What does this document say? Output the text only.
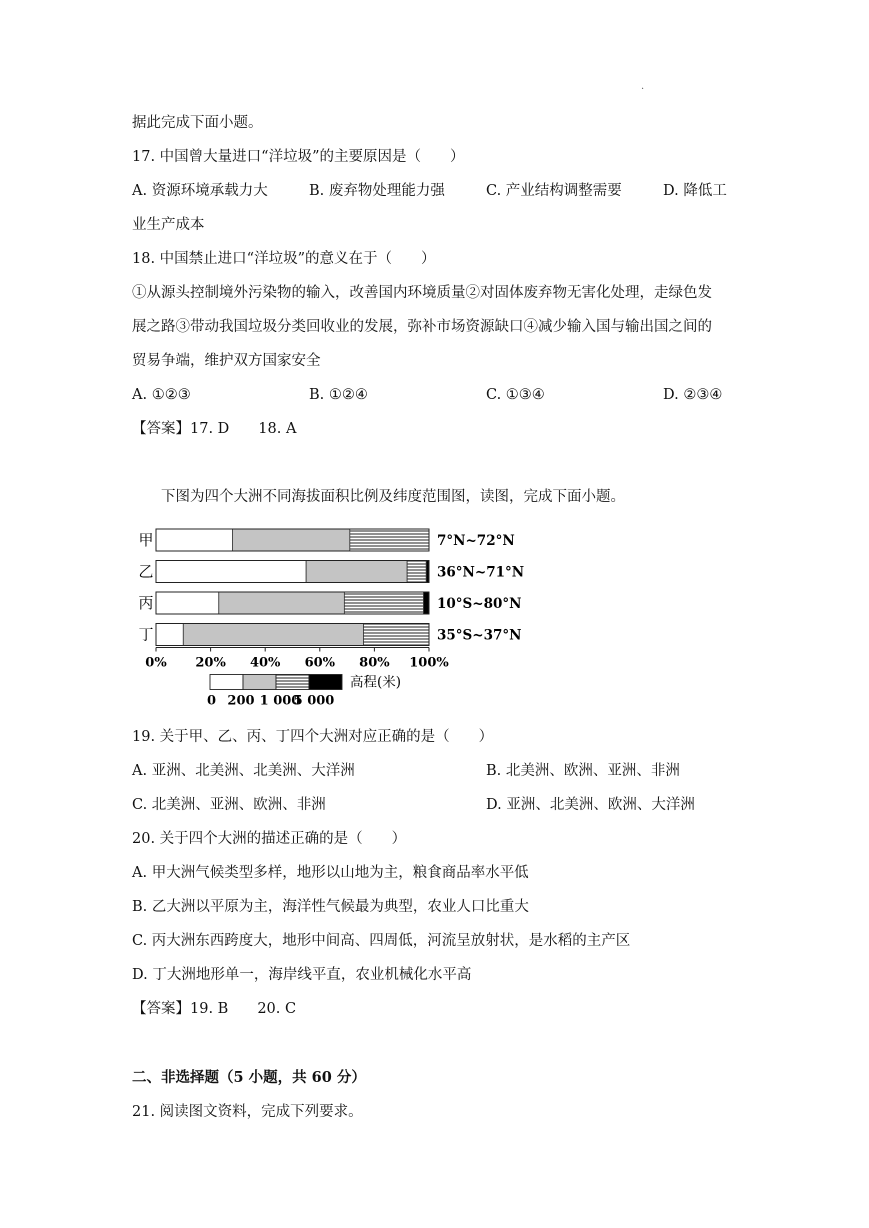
·
据此完成下面小题。
17. 中国曾大量进口“洋垃圾”的主要原因是（　　）
A. 资源环境承载力大	B. 废弃物处理能力强	C. 产业结构调整需要	D. 降低工
业生产成本
18. 中国禁止进口“洋垃圾”的意义在于（　　）
①从源头控制境外污染物的输入，改善国内环境质量②对固体废弃物无害化处理，走绿色发
展之路③带动我国垃圾分类回收业的发展，弥补市场资源缺口④减少输入国与输出国之间的
贸易争端，维护双方国家安全
A. ①②③	B. ①②④	C. ①③④	D. ②③④
【答案】17. D　　18. A
下图为四个大洲不同海拔面积比例及纬度范围图，读图，完成下面小题。
甲	7°N~72°N
乙	36°N~71°N
丙	10°S~80°N
丁	35°S~37°N
0% 20% 40% 60% 80% 100%
高程(米)
0 200 1 000
5 000
19. 关于甲、乙、丙、丁四个大洲对应正确的是（　　）
A. 亚洲、北美洲、北美洲、大洋洲	B. 北美洲、欧洲、亚洲、非洲
C. 北美洲、亚洲、欧洲、非洲	D. 亚洲、北美洲、欧洲、大洋洲
20. 关于四个大洲的描述正确的是（　　）
A. 甲大洲气候类型多样，地形以山地为主，粮食商品率水平低
B. 乙大洲以平原为主，海洋性气候最为典型，农业人口比重大
C. 丙大洲东西跨度大，地形中间高、四周低，河流呈放射状，是水稻的主产区
D. 丁大洲地形单一，海岸线平直，农业机械化水平高
【答案】19. B　　20. C
二、非选择题（5 小题，共 60 分）
21. 阅读图文资料，完成下列要求。
